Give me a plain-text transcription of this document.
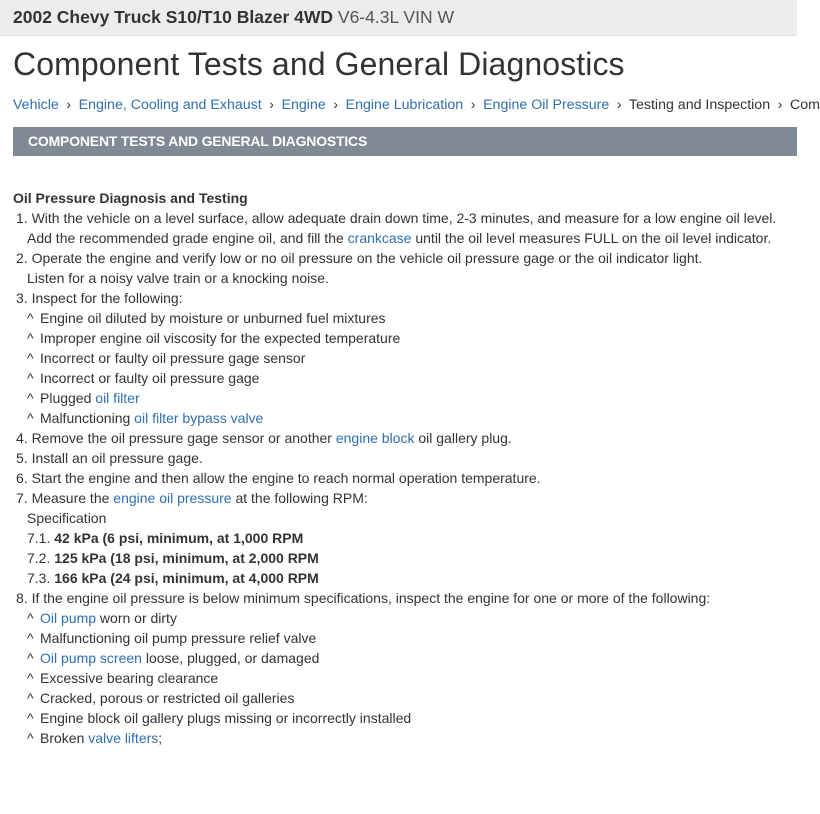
2002 Chevy Truck S10/T10 Blazer 4WD V6-4.3L VIN W
Component Tests and General Diagnostics
Vehicle › Engine, Cooling and Exhaust › Engine › Engine Lubrication › Engine Oil Pressure › Testing and Inspection › Com
COMPONENT TESTS AND GENERAL DIAGNOSTICS
Oil Pressure Diagnosis and Testing
1. With the vehicle on a level surface, allow adequate drain down time, 2-3 minutes, and measure for a low engine oil level.
Add the recommended grade engine oil, and fill the crankcase until the oil level measures FULL on the oil level indicator.
2. Operate the engine and verify low or no oil pressure on the vehicle oil pressure gage or the oil indicator light.
Listen for a noisy valve train or a knocking noise.
3. Inspect for the following:
^ Engine oil diluted by moisture or unburned fuel mixtures
^ Improper engine oil viscosity for the expected temperature
^ Incorrect or faulty oil pressure gage sensor
^ Incorrect or faulty oil pressure gage
^ Plugged oil filter
^ Malfunctioning oil filter bypass valve
4. Remove the oil pressure gage sensor or another engine block oil gallery plug.
5. Install an oil pressure gage.
6. Start the engine and then allow the engine to reach normal operation temperature.
7. Measure the engine oil pressure at the following RPM:
Specification
7.1. 42 kPa (6 psi, minimum, at 1,000 RPM
7.2. 125 kPa (18 psi, minimum, at 2,000 RPM
7.3. 166 kPa (24 psi, minimum, at 4,000 RPM
8. If the engine oil pressure is below minimum specifications, inspect the engine for one or more of the following:
^ Oil pump worn or dirty
^ Malfunctioning oil pump pressure relief valve
^ Oil pump screen loose, plugged, or damaged
^ Excessive bearing clearance
^ Cracked, porous or restricted oil galleries
^ Engine block oil gallery plugs missing or incorrectly installed
^ Broken valve lifters;
